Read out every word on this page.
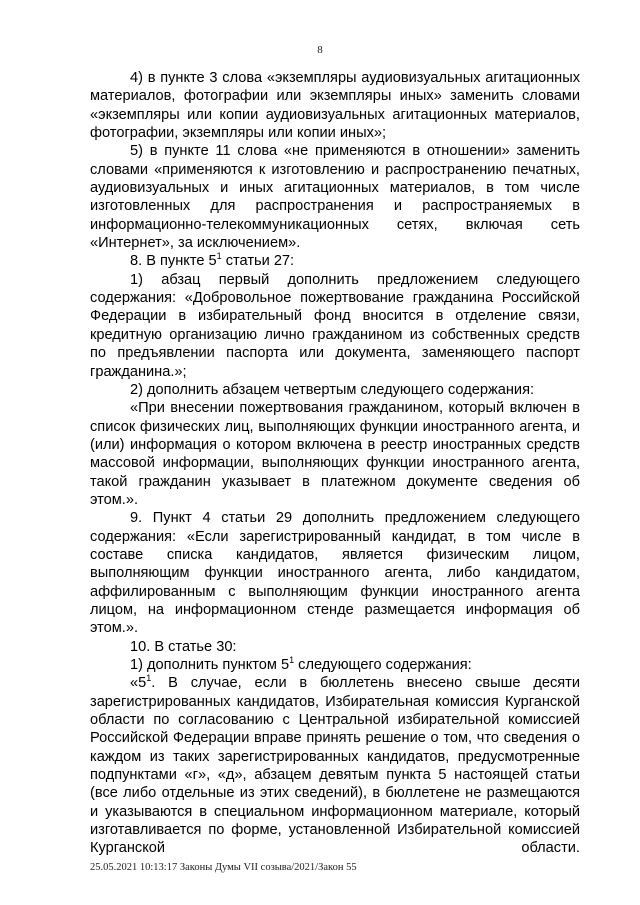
8

4) в пункте 3 слова «экземпляры аудиовизуальных агитационных материалов, фотографии или экземпляры иных» заменить словами «экземпляры или копии аудиовизуальных агитационных материалов, фотографии, экземпляры или копии иных»;

5) в пункте 11 слова «не применяются в отношении» заменить словами «применяются к изготовлению и распространению печатных, аудиовизуальных и иных агитационных материалов, в том числе изготовленных для распространения и распространяемых в информационно-телекоммуникационных сетях, включая сеть «Интернет», за исключением».

8. В пункте $5^1$ статьи 27:

1) абзац первый дополнить предложением следующего содержания: «Добровольное пожертвование гражданина Российской Федерации в избирательный фонд вносится в отделение связи, кредитную организацию лично гражданином из собственных средств по предъявлении паспорта или документа, заменяющего паспорт гражданина.»;

2) дополнить абзацем четвертым следующего содержания:

«При внесении пожертвования гражданином, который включен в список физических лиц, выполняющих функции иностранного агента, и (или) информация о котором включена в реестр иностранных средств массовой информации, выполняющих функции иностранного агента, такой гражданин указывает в платежном документе сведения об этом.».

9. Пункт 4 статьи 29 дополнить предложением следующего содержания: «Если зарегистрированный кандидат, в том числе в составе списка кандидатов, является физическим лицом, выполняющим функции иностранного агента, либо кандидатом, аффилированным с выполняющим функции иностранного агента лицом, на информационном стенде размещается информация об этом.».

10. В статье 30:

1) дополнить пунктом $5^1$ следующего содержания:

«$5^1$. В случае, если в бюллетень внесено свыше десяти зарегистрированных кандидатов, Избирательная комиссия Курганской области по согласованию с Центральной избирательной комиссией Российской Федерации вправе принять решение о том, что сведения о каждом из таких зарегистрированных кандидатов, предусмотренные подпунктами «г», «д», абзацем девятым пункта 5 настоящей статьи (все либо отдельные из этих сведений), в бюллетене не размещаются и указываются в специальном информационном материале, который изготавливается по форме, установленной Избирательной комиссией Курганской области.

25.05.2021 10:13:17 Законы Думы VII созыва/2021/Закон 55
